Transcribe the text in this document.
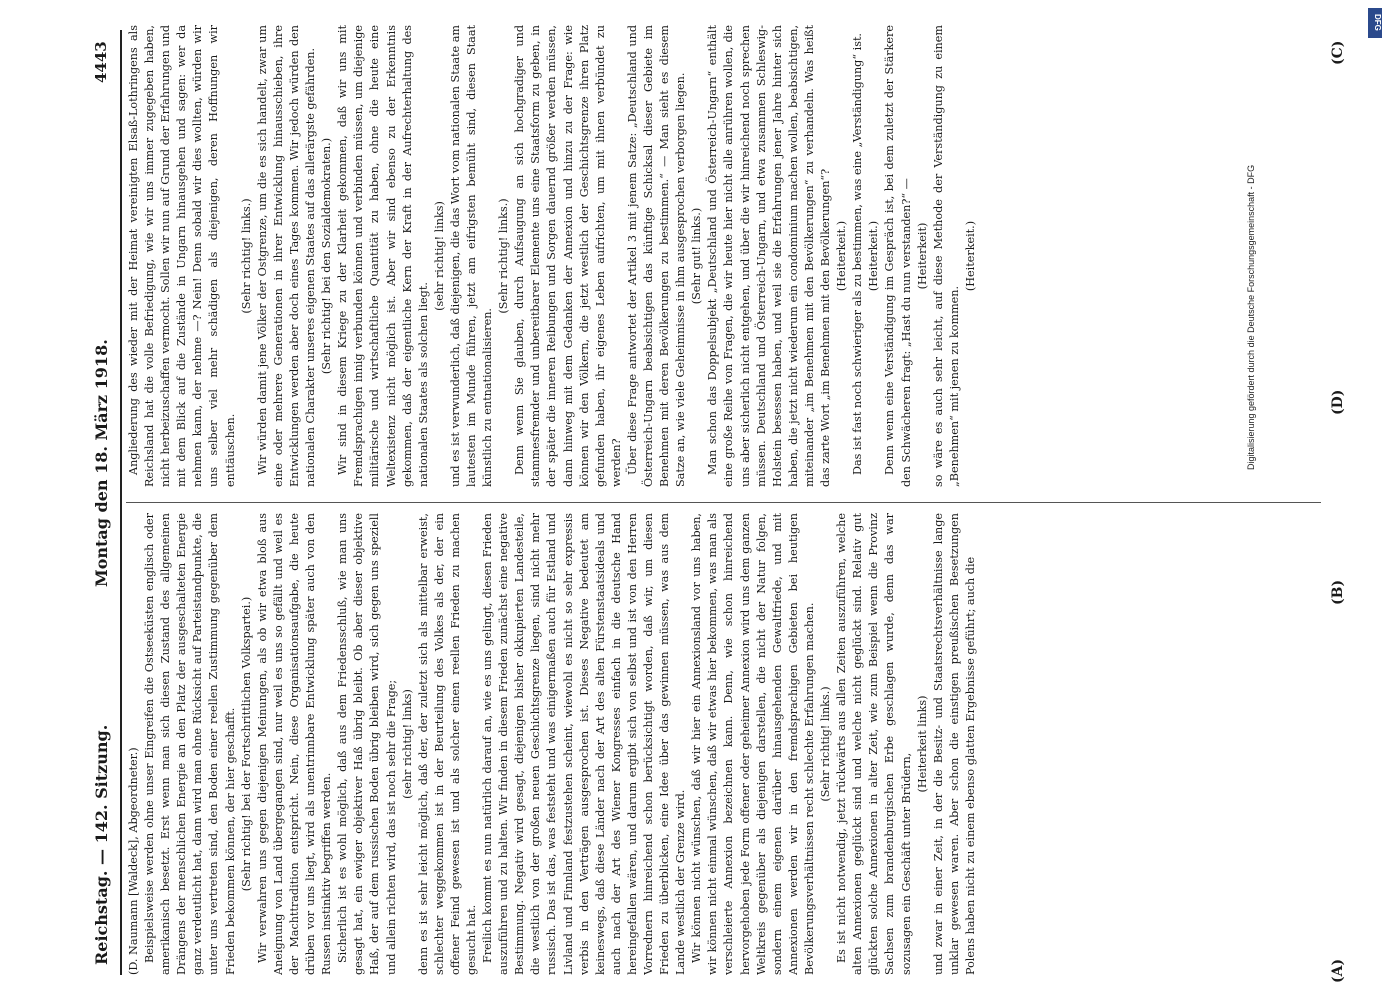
Reichstag. — 142. Sitzung.
Montag den 18. März 1918.
4443

(D. Naumann [Waldeck], Abgeordneter.) Beispielsweise werden ohne unser Eingreifen die Ostseeküsten englisch oder amerikanisch besetzt. Erst wenn man sich diesen Zustand des allgemeinen Drängens der menschlichen Energie an den Platz der ausgeschalteten Energie ganz verdeutlicht hat, dann wird man ohne Rücksicht auf Parteistandpunkte, die unter uns vertreten sind, den Boden einer reellen Zustimmung gegenüber dem Frieden bekommen können, der hier geschafft. (Sehr richtig! bei der Fortschrittlichen Volkspartei.) Wir verwahren uns gegen diejenigen Meinungen, als ob wir etwa bloß aus Aneignung von Land übergegangen sind, nur weil es uns so gefällt und weil es der Machttradition entspricht. Nein, diese Organisationsaufgabe, die heute drüben vor uns liegt, wird als unentrinnbare Entwicklung später auch von den Russen instinktiv begriffen werden. Sicherlich ist es wohl möglich, daß aus dem Friedensschluß, wie man uns gesagt hat, ein ewiger objektiver Haß übrig bleibt. Ob aber dieser objektive Haß, der auf dem russischen Boden übrig bleiben wird, sich gegen uns speziell und allein richten wird, das ist noch sehr die Frage; (sehr richtig! links) denn es ist sehr leicht möglich, daß der, der zuletzt sich als mittelbar erweist, schlechter weggekommen ist in der Beurteilung des Volkes als der, der ein offener Feind gewesen ist und als solcher einen reellen Frieden zu machen gesucht hat. Freilich kommt es nun natürlich darauf an, wie es uns gelingt, diesen Frieden auszuführen und zu halten. Wir finden in diesem Frieden zunächst eine negative Bestimmung. Negativ wird gesagt, diejenigen bisher okkupierten Landesteile, die westlich von der großen neuen Geschichtsgrenze liegen, sind nicht mehr russisch. Das ist das, was feststeht und was einigermaßen auch für Estland und Livland und Finnland festzustehen scheint, wiewohl es nicht so sehr expressis verbis in den Verträgen ausgesprochen ist. Dieses Negative bedeutet am keineswegs, daß diese Länder nach der Art des alten Fürstenstaatsideals und auch nach der Art des Wiener Kongresses einfach in die deutsche Hand hereingefallen wären, und darum ergibt sich von selbst und ist von den Herren Vorrednern hinreichend schon berücksichtigt worden, daß wir, um diesen Frieden zu überblicken, eine Idee über das gewinnen müssen, was aus dem Lande westlich der Grenze wird. Wir können nicht wünschen, daß wir hier ein Annexionsland vor uns haben, wir können nicht einmal wünschen, daß wir etwas hier bekommen, was man als verschleierte Annexion bezeichnen kann. Denn, wie schon hinreichend hervorgehoben jede Form offener oder geheimer Annexion wird uns dem ganzen Weltkreis gegenüber als diejenigen darstellen, die nicht der Natur folgen, sondern einem eigenen darüber hinausgehenden Gewaltfriede, und mit Annexionen werden wir in den fremdsprachigen Gebieten bei heutigen Bevölkerungsverhältnissen recht schlechte Erfahrungen machen. (Sehr richtig! links.) Es ist nicht notwendig, jetzt rückwärts aus allen Zeiten auszuführen, welche alten Annexionen geglückt sind und welche nicht geglückt sind. Relativ gut glückten solche Annexionen in alter Zeit, wie zum Beispiel wenn die Provinz Sachsen zum brandenburgischen Erbe geschlagen wurde, denn das war sozusagen ein Geschäft unter Brüdern,

(Heiterkeit links) und zwar in einer Zeit, in der die Besitz- und Staatsrechtsverhältnisse lange unklar gewesen waren. Aber schon die einstigen preußischen Besetzungen Polens haben nicht zu einem ebenso glatten Ergebnisse geführt; auch die

Angliederung des wieder mit der Heimat vereinigten Elsaß-Lothringens als Reichsland hat die volle Befriedigung, wie wir uns immer zugegeben haben, nicht herbeizuschaffen vermocht. Sollen wir nun auf Grund der Erfahrungen und mit dem Blick auf die Zustände in Ungarn hinausgehen und sagen: wer da nehmen kann, der nehme —? Nein! Denn sobald wir dies wollten, würden wir uns selber viel mehr schädigen als diejenigen, deren Hoffnungen wir enttäuschen.

(Sehr richtig! links.) Wir würden damit jene Völker der Ostgrenze, um die es sich handelt, zwar um eine oder mehrere Generationen in ihrer Entwicklung hinausschieben, ihre Entwicklungen werden aber doch eines Tages kommen. Wir jedoch würden den nationalen Charakter unseres eigenen Staates auf das allerärgste gefährden. (Sehr richtig! bei den Sozialdemokraten.) Wir sind in diesem Kriege zu der Klarheit gekommen, daß wir uns mit Fremdsprachigen innig verbunden können und verbinden müssen, um diejenige militärische und wirtschaftliche Quantität zu haben, ohne die heute eine Weltexistenz nicht möglich ist. Aber wir sind ebenso zu der Erkenntnis gekommen, daß der eigentliche Kern der Kraft in der Aufrechterhaltung des nationalen Staates als solchen liegt.

(sehr richtig! links) und es ist verwunderlich, daß diejenigen, die das Wort vom nationalen Staate am lautesten im Munde führen, jetzt am eifrigsten bemüht sind, diesen Staat künstlich zu entnationalisieren.

(Sehr richtig! links.) Denn wenn Sie glauben, durch Aufsaugung an sich hochgradiger und stammesfremder und unbereitbarer Elemente uns eine Staatsform zu geben, in der später die inneren Reibungen und Sorgen dauernd größer werden müssen, dann hinweg mit dem Gedanken der Annexion und hinzu zu der Frage: wie können wir den Völkern, die jetzt westlich der Geschichtsgrenze ihren Platz gefunden haben, ihr eigenes Leben aufrichten, um mit ihnen verbündet zu werden? Über diese Frage antwortet der Artikel 3 mit jenem Satze: „Deutschland und Österreich-Ungarn beabsichtigen das künftige Schicksal dieser Gebiete im Benehmen mit deren Bevölkerungen zu bestimmen.“ — Man sieht es diesem Satze an, wie viele Geheimnisse in ihm ausgesprochen verborgen liegen. (Sehr gut! links.) Man schon das Doppelsubjekt „Deutschland und Österreich-Ungarn“ enthält eine große Reihe von Fragen, die wir heute hier nicht alle anrühren wollen, die uns aber sicherlich nicht entgehen, und über die wir hinreichend noch sprechen müssen. Deutschland und Österreich-Ungarn, und etwa zusammen Schleswig-Holstein besessen haben, und weil sie die Erfahrungen jener Jahre hinter sich haben, die jetzt nicht wiederum ein condominium machen wollen, beabsichtigen, miteinander „im Benehmen mit den Bevölkerungen“ zu verhandeln. Was heißt das zarte Wort „im Benehmen mit den Bevölkerungen“? (Heiterkeit.) Das ist fast noch schwieriger als zu bestimmen, was eine „Verständigung“ ist. (Heiterkeit.) Denn wenn eine Verständigung im Gespräch ist, bei dem zuletzt der Stärkere den Schwächeren fragt: „Hast du nun verstanden?“ — (Heiterkeit) so wäre es auch sehr leicht, auf diese Methode der Verständigung zu einem „Benehmen“ mit jenen zu kommen.

(Heiterkeit.)

(A)
(B)
(C)
(D)
Digitalisierung gefördert durch die Deutsche Forschungsgemeinschaft - DFG
DFG
